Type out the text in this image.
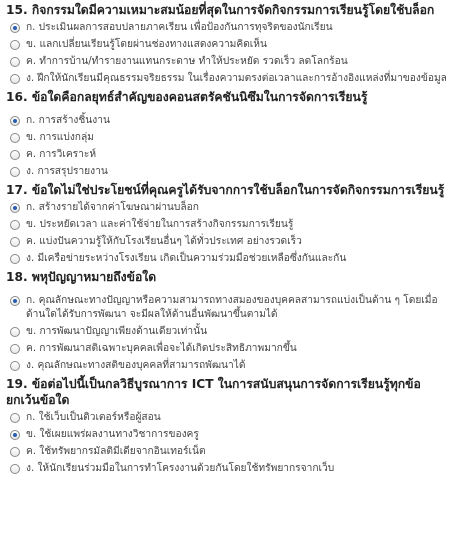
15. กิจกรรมใดมีความเหมาะสมน้อยที่สุดในการจัดกิจกรรมการเรียนรู้โดยใช้บล็อก
ก. ประเมินผลการสอบปลายภาคเรียน เพื่อป้องกันการทุจริตของนักเรียน
ข. แลกเปลี่ยนเรียนรู้โดยผ่านช่องทางแสดงความคิดเห็น
ค. ทำการบ้าน/ทำรายงานแทนกระดาษ ทำให้ประหยัด รวดเร็ว ลดโลกร้อน
ง. ฝึกให้นักเรียนมีคุณธรรมจริยธรรม ในเรื่องความตรงต่อเวลาและการอ้างอิงแหล่งที่มาของข้อมูล
16. ข้อใดคือกลยุทธ์สำคัญของคอนสตรัคชันนิซึมในการจัดการเรียนรู้
ก. การสร้างชิ้นงาน
ข. การแบ่งกลุ่ม
ค. การวิเคราะห์
ง. การสรุปรายงาน
17. ข้อใดไม่ใช่ประโยชน์ที่คุณครูได้รับจากการใช้บล็อกในการจัดกิจกรรมการเรียนรู้
ก. สร้างรายได้จากค่าโฆษณาผ่านบล็อก
ข. ประหยัดเวลา และค่าใช้จ่ายในการสร้างกิจกรรมการเรียนรู้
ค. แบ่งปันความรู้ให้กับโรงเรียนอื่นๆ ได้ทั่วประเทศ อย่างรวดเร็ว
ง. มีเครือข่ายระหว่างโรงเรียน เกิดเป็นความร่วมมือช่วยเหลือซึ่งกันและกัน
18. พหุปัญญาหมายถึงข้อใด
ก. คุณลักษณะทางปัญญาหรือความสามารถทางสมองของบุคคลสามารถแบ่งเป็นด้าน ๆ โดยเมื่อด้านใดได้รับการพัฒนา จะมีผลให้ด้านอื่นพัฒนาขึ้นตามได้
ข. การพัฒนาปัญญาเพียงด้านเดียวเท่านั้น
ค. การพัฒนาสติเฉพาะบุคคลเพื่อจะได้เกิดประสิทธิภาพมากขึ้น
ง. คุณลักษณะทางสติของบุคคลที่สามารถพัฒนาได้
19. ข้อต่อไปนี้เป็นกลวิธีบูรณาการ ICT ในการสนับสนุนการจัดการเรียนรู้ทุกข้อยกเว้นข้อใด
ก. ใช้เว็บเป็นติวเตอร์หรือผู้สอน
ข. ใช้เผยแพร่ผลงานทางวิชาการของครู
ค. ใช้ทรัพยากรมัลติมีเดียจากอินเทอร์เน็ต
ง. ให้นักเรียนร่วมมือในการทำโครงงานด้วยกันโดยใช้ทรัพยากรจากเว็บ
